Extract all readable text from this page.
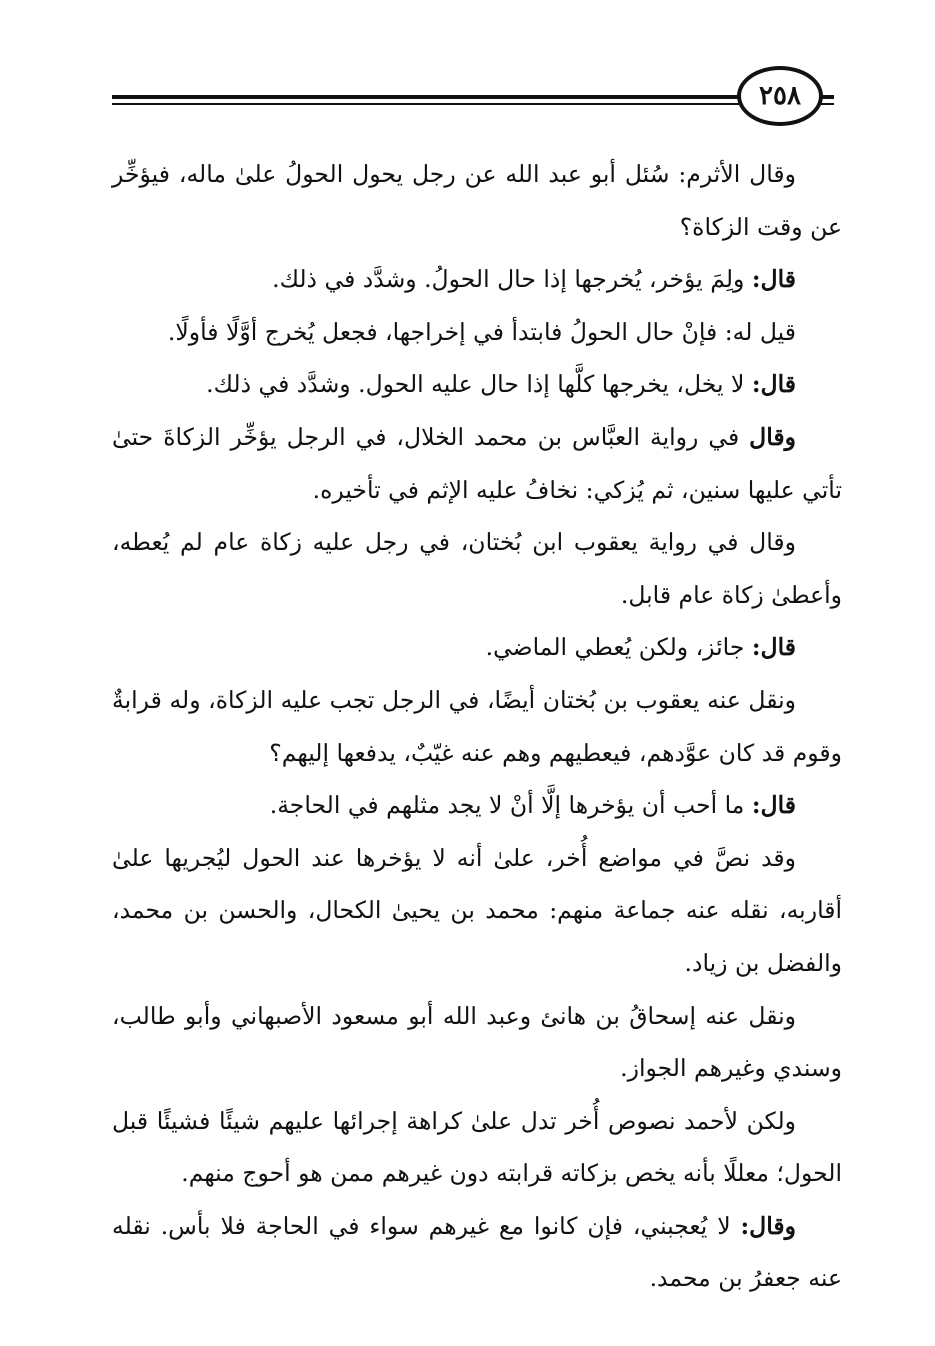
٢٥٨

وقال الأثرم: سُئل أبو عبد الله عن رجل يحول الحولُ علىٰ ماله، فيؤخِّر عن وقت الزكاة؟

قال: ولِمَ يؤخر، يُخرجها إذا حال الحولُ. وشدَّد في ذلك.

قيل له: فإنْ حال الحولُ فابتدأ في إخراجها، فجعل يُخرج أوَّلًا فأولًا.

قال: لا يخل، يخرجها كلَّها إذا حال عليه الحول. وشدَّد في ذلك.

وقال في رواية العبَّاس بن محمد الخلال، في الرجل يؤخِّر الزكاةَ حتىٰ تأتي عليها سنين، ثم يُزكي: نخافُ عليه الإثم في تأخيره.

وقال في رواية يعقوب ابن بُختان، في رجل عليه زكاة عام لم يُعطه، وأعطىٰ زكاة عام قابل.

قال: جائز، ولكن يُعطي الماضي.

ونقل عنه يعقوب بن بُختان أيضًا، في الرجل تجب عليه الزكاة، وله قرابةٌ وقوم قد كان عوَّدهم، فيعطيهم وهم عنه غيّبٌ، يدفعها إليهم؟

قال: ما أحب أن يؤخرها إلَّا أنْ لا يجد مثلهم في الحاجة.

وقد نصَّ في مواضع أُخر، علىٰ أنه لا يؤخرها عند الحول ليُجريها علىٰ أقاربه، نقله عنه جماعة منهم: محمد بن يحيىٰ الكحال، والحسن بن محمد، والفضل بن زياد.

ونقل عنه إسحاقُ بن هانئ وعبد الله أبو مسعود الأصبهاني وأبو طالب، وسندي وغيرهم الجواز.

ولكن لأحمد نصوص أُخر تدل علىٰ كراهة إجرائها عليهم شيئًا فشيئًا قبل الحول؛ معللًا بأنه يخص بزكاته قرابته دون غيرهم ممن هو أحوج منهم.

وقال: لا يُعجبني، فإن كانوا مع غيرهم سواء في الحاجة فلا بأس. نقله عنه جعفرُ بن محمد.
